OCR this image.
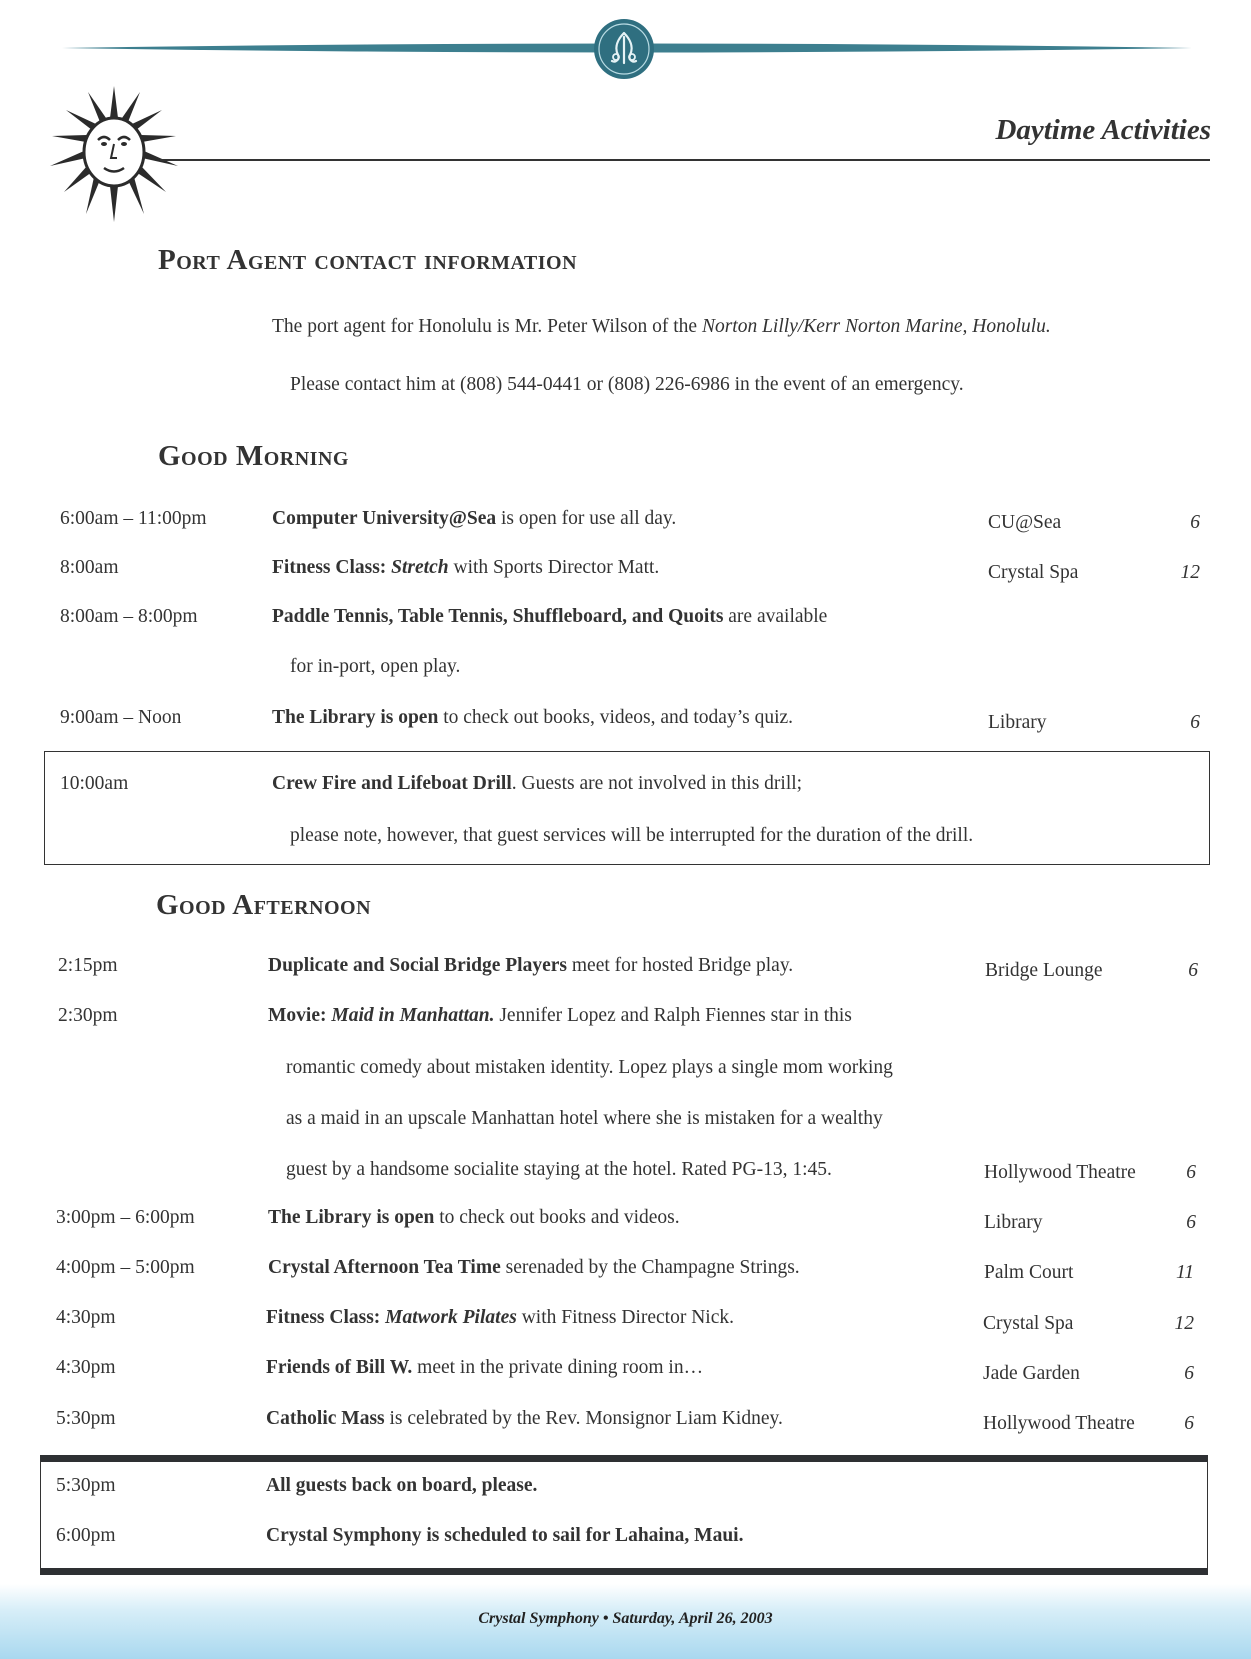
Daytime Activities
Port Agent contact information
The port agent for Honolulu is Mr. Peter Wilson of the Norton Lilly/Kerr Norton Marine, Honolulu.
Please contact him at (808) 544-0441 or (808) 226-6986 in the event of an emergency.
Good Morning
6:00am – 11:00pm	Computer University@Sea is open for use all day.	CU@Sea	6
8:00am	Fitness Class: Stretch with Sports Director Matt.	Crystal Spa	12
8:00am – 8:00pm	Paddle Tennis, Table Tennis, Shuffleboard, and Quoits are available
for in-port, open play.
9:00am – Noon	The Library is open to check out books, videos, and today’s quiz.	Library	6
10:00am	Crew Fire and Lifeboat Drill. Guests are not involved in this drill;
please note, however, that guest services will be interrupted for the duration of the drill.
Good Afternoon
2:15pm	Duplicate and Social Bridge Players meet for hosted Bridge play.	Bridge Lounge	6
2:30pm	Movie: Maid in Manhattan. Jennifer Lopez and Ralph Fiennes star in this
romantic comedy about mistaken identity. Lopez plays a single mom working
as a maid in an upscale Manhattan hotel where she is mistaken for a wealthy
guest by a handsome socialite staying at the hotel. Rated PG-13, 1:45.	Hollywood Theatre	6
3:00pm – 6:00pm	The Library is open to check out books and videos.	Library	6
4:00pm – 5:00pm	Crystal Afternoon Tea Time serenaded by the Champagne Strings.	Palm Court	11
4:30pm	Fitness Class: Matwork Pilates with Fitness Director Nick.	Crystal Spa	12
4:30pm	Friends of Bill W. meet in the private dining room in…	Jade Garden	6
5:30pm	Catholic Mass is celebrated by the Rev. Monsignor Liam Kidney.	Hollywood Theatre	6
5:30pm	All guests back on board, please.
6:00pm	Crystal Symphony is scheduled to sail for Lahaina, Maui.
Crystal Symphony • Saturday, April 26, 2003
